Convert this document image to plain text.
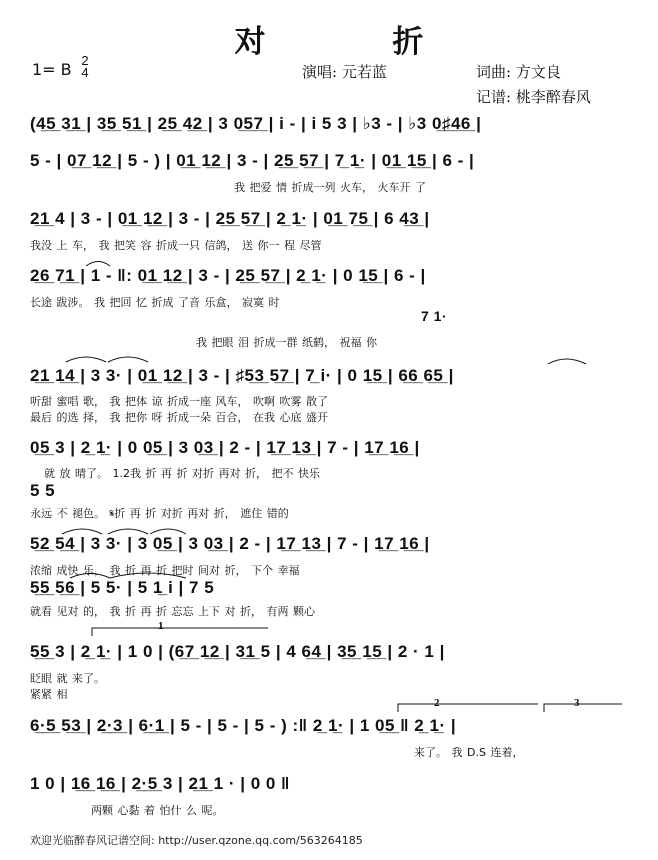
对 折
1= B 2
4	演唱: 元若蓝	词曲: 方文良
记谱: 桃李醉春风
(4̲5̲ 3̲1̲ | 3̲5̲ 5̲1̲ | 2̲5̲ 4̲2̲ | 3 0̲5̲7̲ | i - | i 5 3 | ♭3 - | ♭3 0̲♯̲4̲6̲ |
5 - | 0̲7̲ 1̲2̲ | 5 - ) | 0̲1̲ 1̲2̲ | 3 - | 2̲5̲ 5̲7̲ | 7̲ 1̲· | 0̲1̲ 1̲5̲ | 6 - |
我 把爱 情 折成一列 火车， 火车开 了
2̲1̲ 4 | 3 - | 0̲1̲ 1̲2̲ | 3 - | 2̲5̲ 5̲7̲ | 2̲ 1̲· | 0̲1̲ 7̲5̲ | 6 4̲3̲ |
我没 上 车， 我 把笑 容 折成一只 信鸽， 送 你一 程 尽管
2̲6̲ 7̲1̲ | 1 - ‖: 0̲1̲ 1̲2̲ | 3 - | 2̲5̲ 5̲7̲ | 2̲ 1̲· | 0 1̲5̲ | 6 - |
长途 跋涉。 我 把回 忆 折成 了音 乐盒， 寂寞 时
7 1·
我 把眼 泪 折成一群 纸鹤， 祝福 你
2̲1̲ 1̲4̲ | 3 3· | 0̲1̲ 1̲2̲ | 3 - | ♯5̲3̲ 5̲7̲ | 7̲ i· | 0 1̲5̲ | 6̲6̲ 6̲5̲ |
听甜 蜜唱 歌， 我 把体 谅 折成一座 风车， 吹啊 吹雾 散了
最后 的选 择， 我 把你 呀 折成一朵 百合， 在我 心底 盛开
0̲5̲ 3 | 2̲ 1̲· | 0 0̲5̲ | 3 0̲3̲ | 2 - | 1̲7̲ 1̲3̲ | 7 - | 1̲7̲ 1̲6̲ |
就 放 晴了。 1.2我 折 再 折 对折 再对 折， 把不 快乐
5 5
永远 不 褪色。 𝄋折 再 折 对折 再对 折， 遮住 错的
5̲2̲ 5̲4̲ | 3 3· | 3 0̲5̲ | 3 0̲3̲ | 2 - | 1̲7̲ 1̲3̲ | 7 - | 1̲7̲ 1̲6̲ |
浓缩 成快 乐， 我 折 再 折 把时 间对 折， 下个 幸福
5̲5̲ 5̲6̲ | 5 5· | 5 1̲ i | 7 5
就看 见对 的， 我 折 再 折 忘忘 上下 对 折， 有两 颗心
1
5̲5̲ 3 | 2̲ 1̲· | 1 0 | (6̲7̲ 1̲2̲ | 3̲1̲ 5 | 4 6̲4̲ | 3̲5̲ 1̲5̲ | 2 · 1 |
眨眼 就 来了。
紧紧 相
2	3
6̲·̲5̲ 5̲3̲ | 2̲·̲3̲ | 6̲·̲1̲ | 5 - | 5 - | 5 - ) :‖ 2̲ 1̲· | 1 0̲5̲ ‖ 2̲ 1̲· |
来了。 我 D.S 连着，
1 0 | 1̲6̲ 1̲6̲ | 2̲·̲5̲ 3 | 2̲1̲ 1 · | 0 0 ‖
两颗 心黏 着 怕什 么 呢。
欢迎光临醉春风记谱空间: http://user.qzone.qq.com/563264185
